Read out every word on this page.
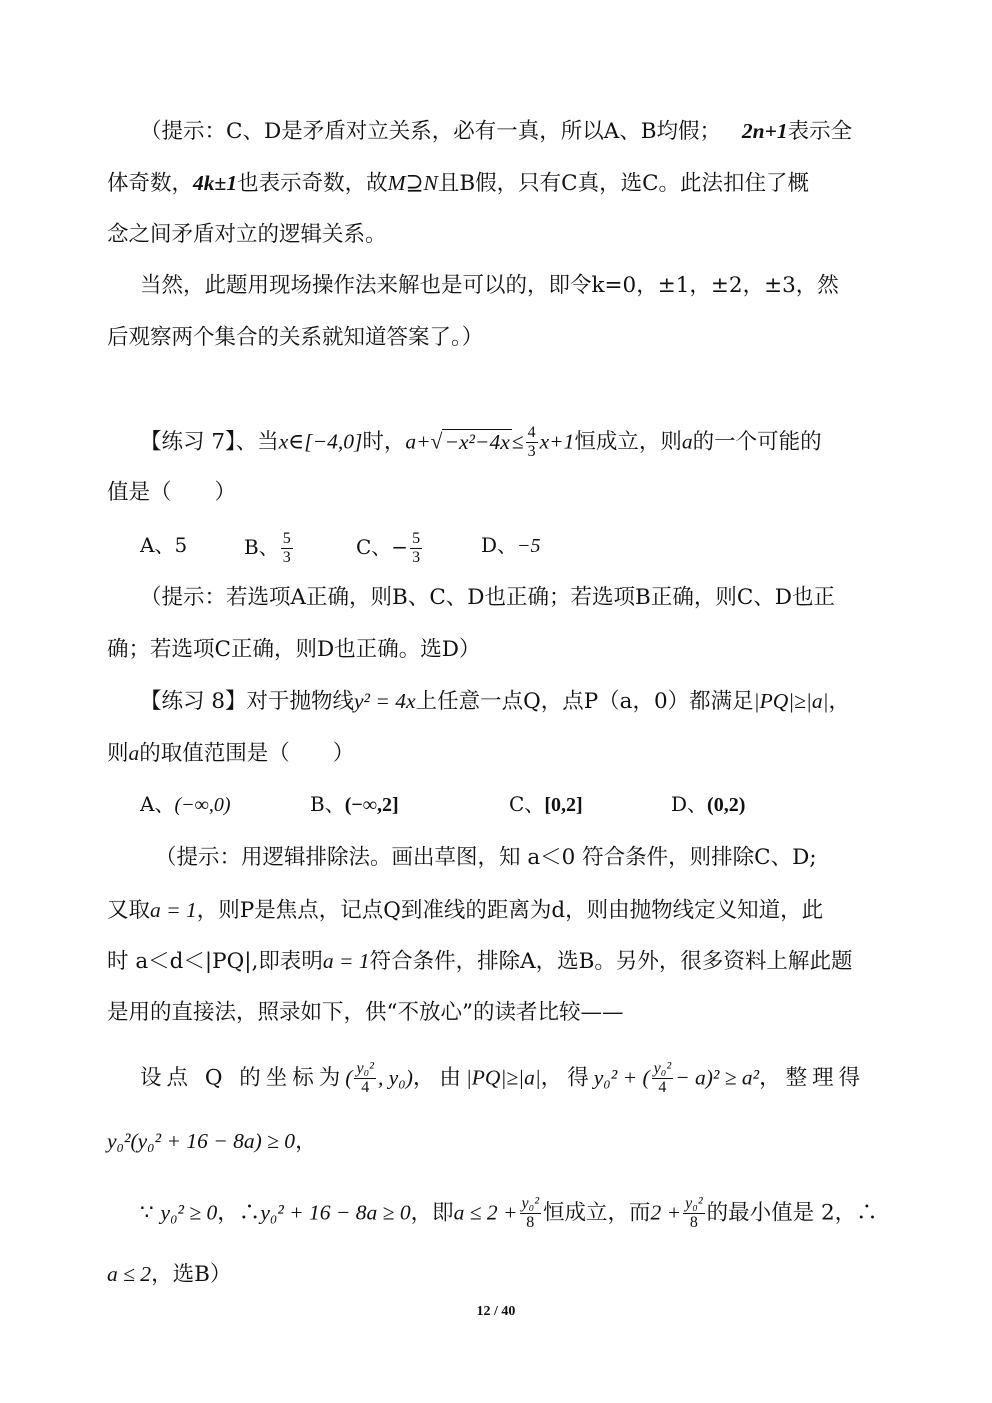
（提示：C、D是矛盾对立关系，必有一真，所以A、B均假； 2n+1表示全
体奇数，4k±1也表示奇数，故M⊇N且B假，只有C真，选C。此法扣住了概
念之间矛盾对立的逻辑关系。
当然，此题用现场操作法来解也是可以的，即令k=0，±1，±2，±3，然
后观察两个集合的关系就知道答案了。）
【练习 7】、当x∈[−4,0]时，$a+√-x^2-4x\le \frac{4}{3} x+1$恒成立，则a的一个可能的
值是（　　）
A、5	B、 $\frac{5}{3}$	C、− $\frac{5}{3}$	D、−5
（提示：若选项A正确，则B、C、D也正确；若选项B正确，则C、D也正
确；若选项C正确，则D也正确。选D）
【练习 8】对于抛物线y² = 4x上任意一点Q，点P（a，0）都满足|PQ|≥|a|，
则a的取值范围是（　　）
A、(−∞,0)	B、(−∞,2]	C、[0,2]	D、(0,2)
（提示：用逻辑排除法。画出草图，知 a＜0 符合条件，则排除C、D;
又取a = 1，则P是焦点，记点Q到准线的距离为d，则由抛物线定义知道，此
时 a＜d＜|PQ|,即表明a = 1符合条件，排除A，选B。另外，很多资料上解此题
是用的直接法，照录如下，供“不放心”的读者比较——
设点 Q 的坐标为( $\frac{\text{y₀²}}{4}$ , y₀)，由|PQ|≥|a|，得y₀² + ( $\frac{\text{y₀²}}{4} - a)^2 \ge a^2$，整理得
y₀²(y₀² + 16 − 8a) ≥ 0，
∵ y₀² ≥ 0，∴y₀² + 16 − 8a ≥ 0，即$a \le 2 + \frac{\text{y₀²}}{8}$ 恒成立，而$2 + \frac{\text{y₀²}}{8}$ 的最小值是 2，∴
a ≤ 2，选B）
12 / 40
